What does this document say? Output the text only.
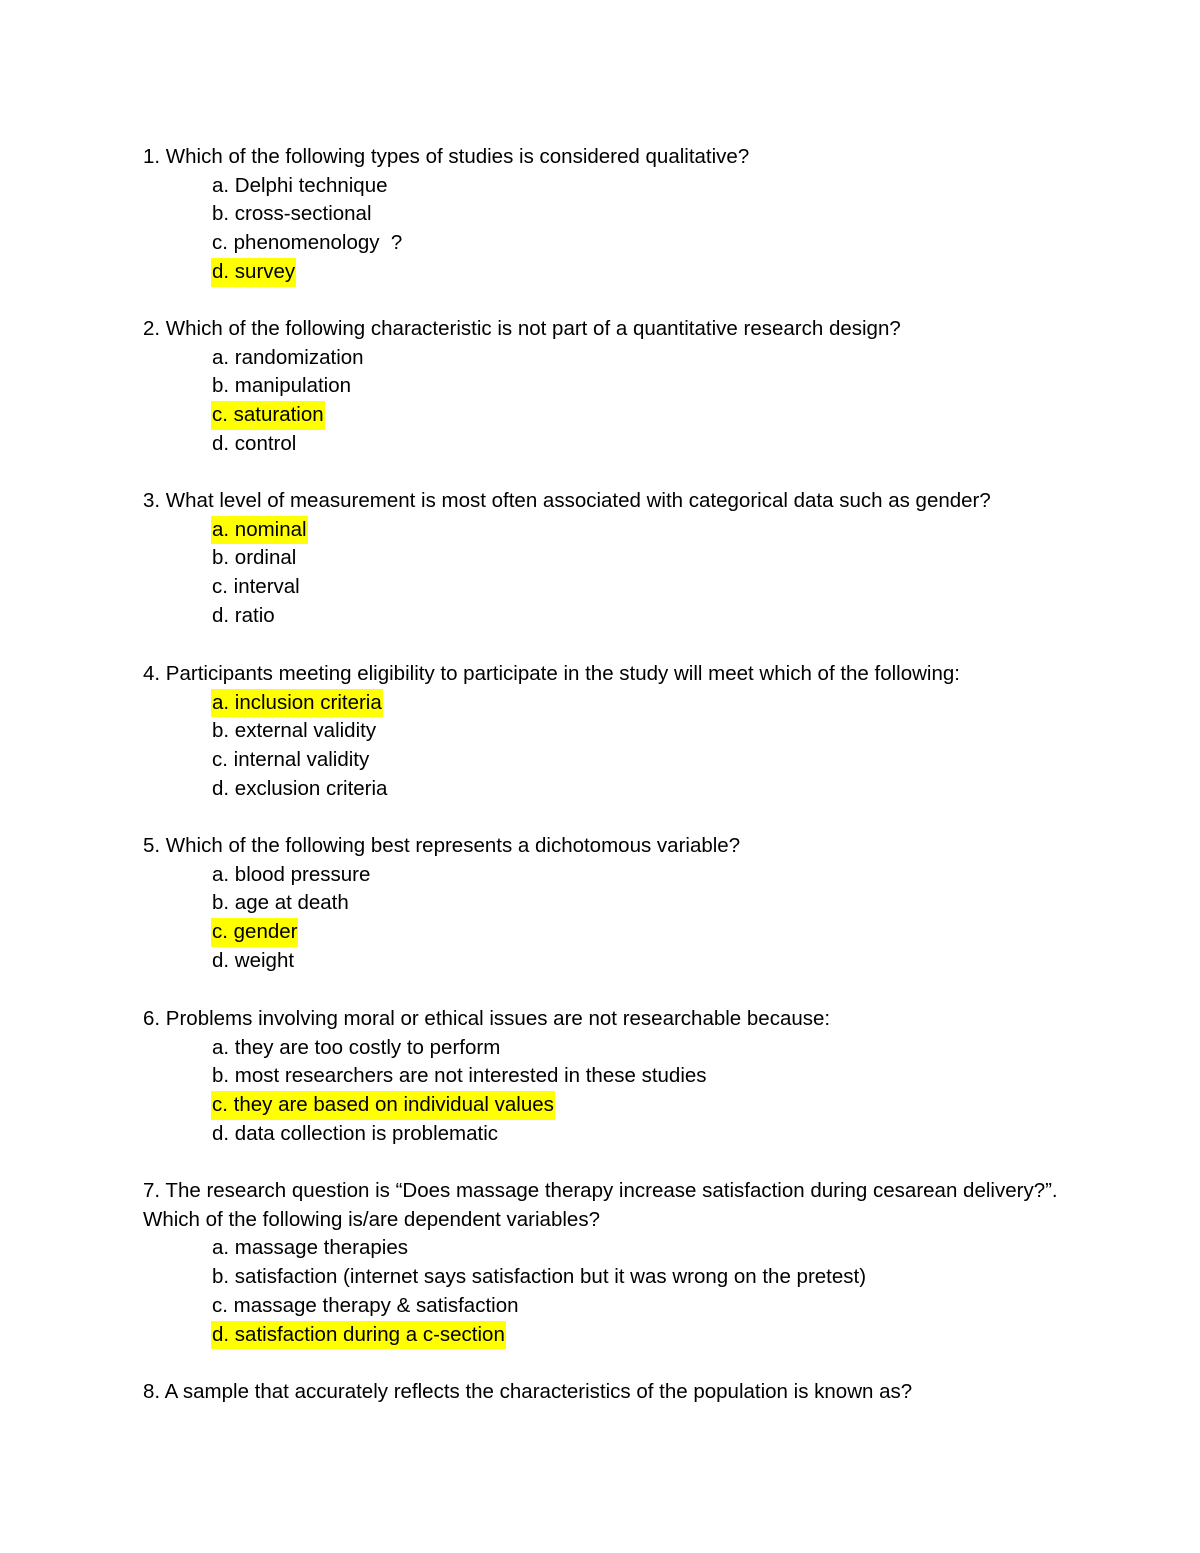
1. Which of the following types of studies is considered qualitative?

a. Delphi technique
b. cross-sectional
c. phenomenology  ?
d. survey

2. Which of the following characteristic is not part of a quantitative research design?

a. randomization
b. manipulation
c. saturation
d. control

3. What level of measurement is most often associated with categorical data such as gender?

a. nominal
b. ordinal
c. interval
d. ratio

4. Participants meeting eligibility to participate in the study will meet which of the following:

a. inclusion criteria
b. external validity
c. internal validity
d. exclusion criteria

5. Which of the following best represents a dichotomous variable?

a. blood pressure
b. age at death
c. gender
d. weight

6. Problems involving moral or ethical issues are not researchable because:

a. they are too costly to perform
b. most researchers are not interested in these studies
c. they are based on individual values
d. data collection is problematic

7. The research question is “Does massage therapy increase satisfaction during cesarean delivery?”. Which of the following is/are dependent variables?

a. massage therapies
b. satisfaction (internet says satisfaction but it was wrong on the pretest)
c. massage therapy & satisfaction
d. satisfaction during a c-section

8. A sample that accurately reflects the characteristics of the population is known as?
